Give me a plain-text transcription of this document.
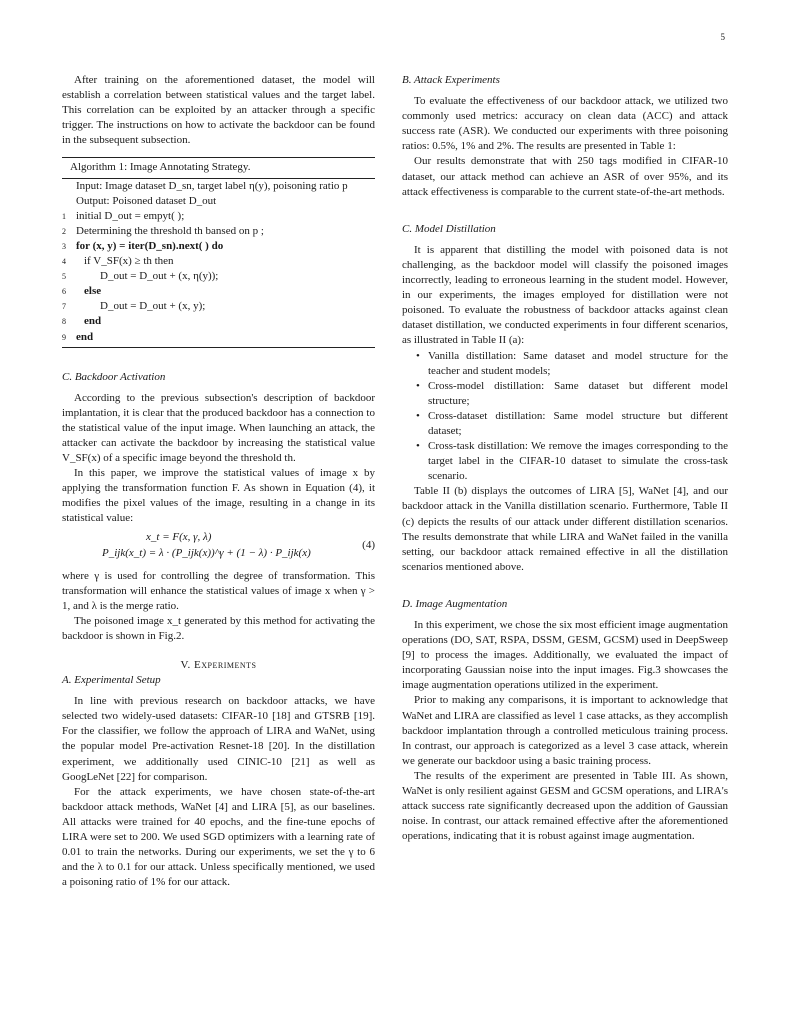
5

After training on the aforementioned dataset, the model will establish a correlation between statistical values and the target label. This correlation can be exploited by an attacker through a specific trigger. The instructions on how to activate the backdoor can be found in the subsequent subsection.

Algorithm 1: Image Annotating Strategy.
Input: Image dataset D_sn, target label η(y), poisoning ratio p
Output: Poisoned dataset D_out
1 initial D_out = empyt( );
2 Determining the threshold th bansed on p ;
3 for (x, y) = iter(D_sn).next( ) do
4	if V_SF(x) ≥ th then
5	D_out = D_out + (x, η(y));
6	else
7	D_out = D_out + (x, y);
8	end
9 end
C. Backdoor Activation

According to the previous subsection's description of backdoor implantation, it is clear that the produced backdoor has a connection to the statistical value of the input image. When launching an attack, the attacker can activate the backdoor by increasing the statistical value V_SF(x) of a specific image beyond the threshold th.

In this paper, we improve the statistical values of image x by applying the transformation function F. As shown in Equation (4), it modifies the pixel values of the image, resulting in a change in its statistical value:

x_t = F(x, γ, λ)
P_ijk(x_t) = λ · (P_ijk(x))^γ + (1 − λ) · P_ijk(x)
(4)

where γ is used for controlling the degree of transformation. This transformation will enhance the statistical values of image x when γ > 1, and λ is the merge ratio.

The poisoned image x_t generated by this method for activating the backdoor is shown in Fig.2.

V. Experiments
A. Experimental Setup

In line with previous research on backdoor attacks, we have selected two widely-used datasets: CIFAR-10 [18] and GTSRB [19]. For the classifier, we follow the approach of LIRA and WaNet, using the popular model Pre-activation Resnet-18 [20]. In the distillation experiment, we additionally used CINIC-10 [21] as well as GoogLeNet [22] for comparison.

For the attack experiments, we have chosen state-of-the-art backdoor attack methods, WaNet [4] and LIRA [5], as our baselines. All attacks were trained for 40 epochs, and the fine-tune epochs of LIRA were set to 200. We used SGD optimizers with a learning rate of 0.01 to train the networks. During our experiments, we set the γ to 6 and the λ to 0.1 for our attack. Unless specifically mentioned, we used a poisoning ratio of 1% for our attack.

B. Attack Experiments

To evaluate the effectiveness of our backdoor attack, we utilized two commonly used metrics: accuracy on clean data (ACC) and attack success rate (ASR). We conducted our experiments with three poisoning ratios: 0.5%, 1% and 2%. The results are presented in Table 1:

Our results demonstrate that with 250 tags modified in CIFAR-10 dataset, our attack method can achieve an ASR of over 95%, and its attack effectiveness is comparable to the current state-of-the-art methods.

C. Model Distillation

It is apparent that distilling the model with poisoned data is not challenging, as the backdoor model will classify the poisoned images incorrectly, leading to erroneous learning in the student model. However, in our experiments, the images employed for distillation were not poisoned. To evaluate the robustness of backdoor attacks against clean dataset distillation, we conducted experiments in four different scenarios, as illustrated in Table II (a):

• Vanilla distillation: Same dataset and model structure for the teacher and student models;
• Cross-model distillation: Same dataset but different model structure;
• Cross-dataset distillation: Same model structure but different dataset;
• Cross-task distillation: We remove the images corresponding to the target label in the CIFAR-10 dataset to simulate the cross-task scenario.

Table II (b) displays the outcomes of LIRA [5], WaNet [4], and our backdoor attack in the Vanilla distillation scenario. Furthermore, Table II (c) depicts the results of our attack under different distillation scenarios. The results demonstrate that while LIRA and WaNet failed in the vanilla setting, our backdoor attack remained effective in all the distillation scenarios mentioned above.

D. Image Augmentation

In this experiment, we chose the six most efficient image augmentation operations (DO, SAT, RSPA, DSSM, GESM, GCSM) used in DeepSweep [9] to process the images. Additionally, we evaluated the impact of incorporating Gaussian noise into the input images. Fig.3 showcases the image augmentation operations utilized in the experiment.

Prior to making any comparisons, it is important to acknowledge that WaNet and LIRA are classified as level 1 case attacks, as they accomplish backdoor implantation through a controlled meticulous training process. In contrast, our approach is categorized as a level 3 case attack, wherein we generate our backdoor using a basic training process.

The results of the experiment are presented in Table III. As shown, WaNet is only resilient against GESM and GCSM operations, and LIRA's attack success rate significantly decreased upon the addition of Gaussian noise. In contrast, our attack remained effective after the aforementioned operations, indicating that it is robust against image augmentation.
